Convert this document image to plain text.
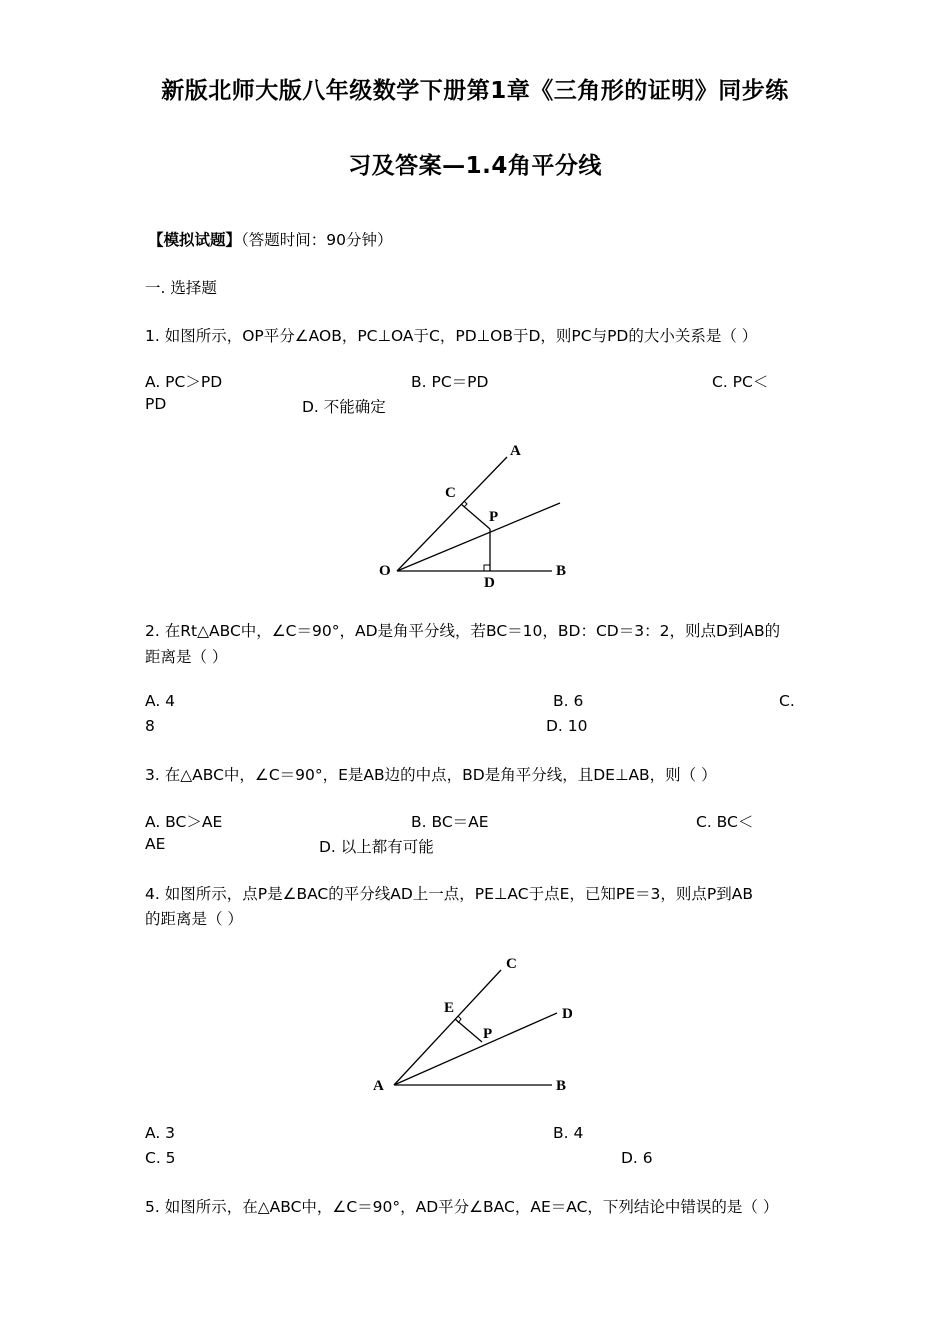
新版北师大版八年级数学下册第1章《三角形的证明》同步练
习及答案—1.4角平分线
【模拟试题】（答题时间：90分钟）
一. 选择题
1. 如图所示，OP平分∠AOB，PC⊥OA于C，PD⊥OB于D，则PC与PD的大小关系是（ ）
A. PC＞PD	B. PC＝PD	C. PC＜
PD	D. 不能确定
A
C
P
O
D
B
2. 在Rt△ABC中，∠C＝90°，AD是角平分线，若BC＝10，BD：CD＝3：2，则点D到AB的
距离是（ ）
A. 4	B. 6	C.
8	D. 10
3. 在△ABC中，∠C＝90°，E是AB边的中点，BD是角平分线，且DE⊥AB，则（ ）
A. BC＞AE	B. BC＝AE	C. BC＜
AE	D. 以上都有可能
4. 如图所示，点P是∠BAC的平分线AD上一点，PE⊥AC于点E，已知PE＝3，则点P到AB
的距离是（ ）
C
E	D
P
A	B
A. 3	B. 4
C. 5	D. 6
5. 如图所示，在△ABC中，∠C＝90°，AD平分∠BAC，AE＝AC，下列结论中错误的是（ ）
